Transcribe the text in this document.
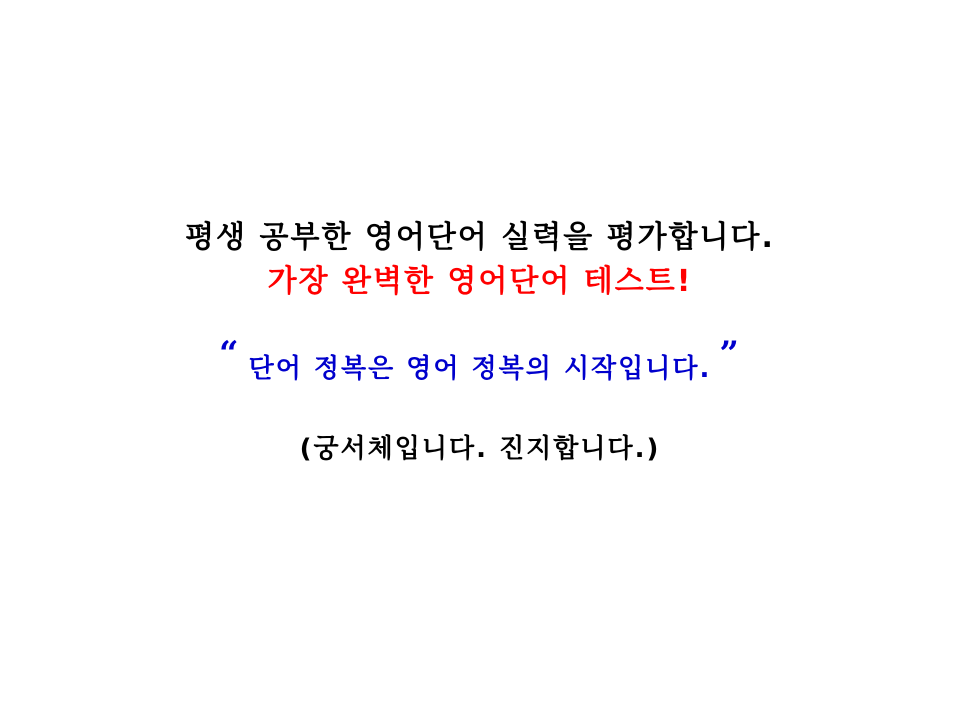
평생 공부한 영어단어 실력을 평가합니다.
가장 완벽한 영어단어 테스트!
“ 단어 정복은 영어 정복의 시작입니다. ”
(궁서체입니다. 진지합니다.)
